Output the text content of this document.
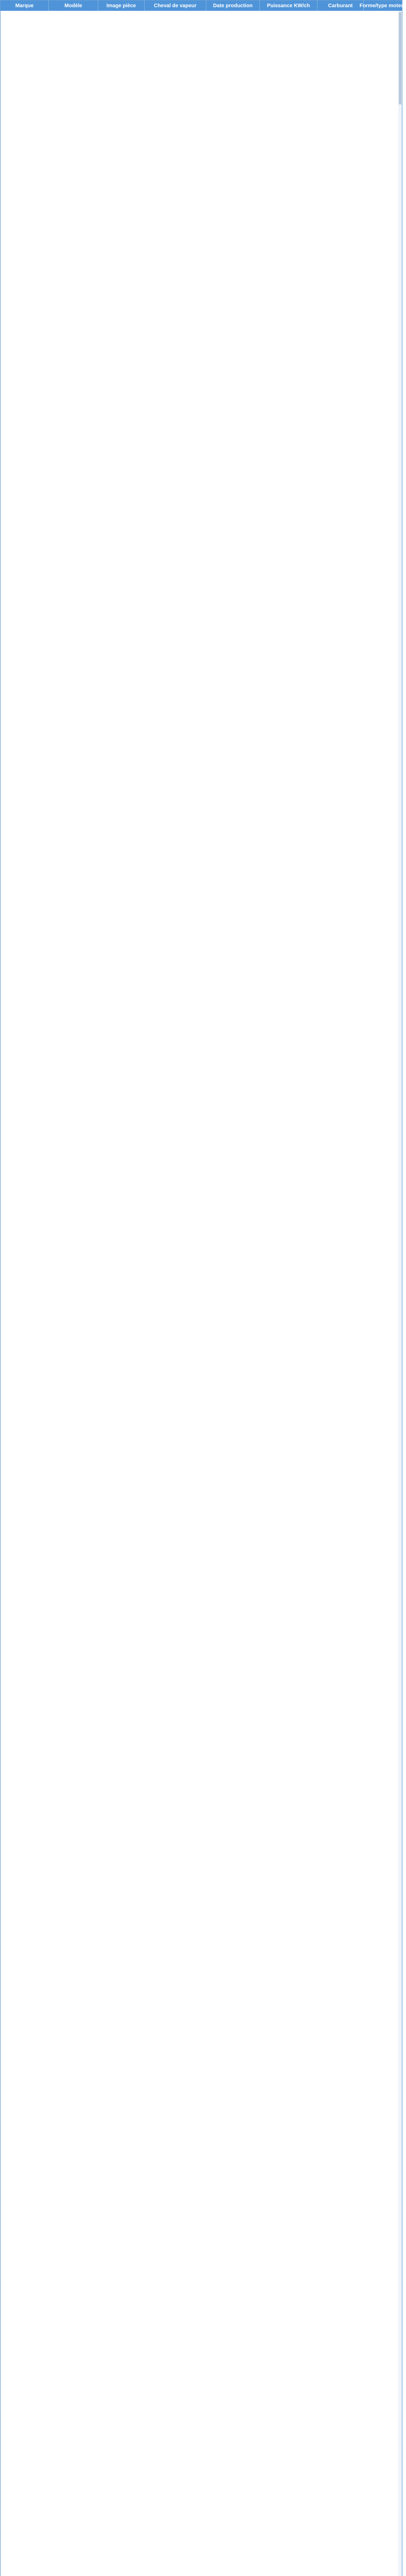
Marque	Modèle	Image pièce	Cheval de vapeur	Date production	Puissance KW/ch	Carburant	Forme/type moteur
